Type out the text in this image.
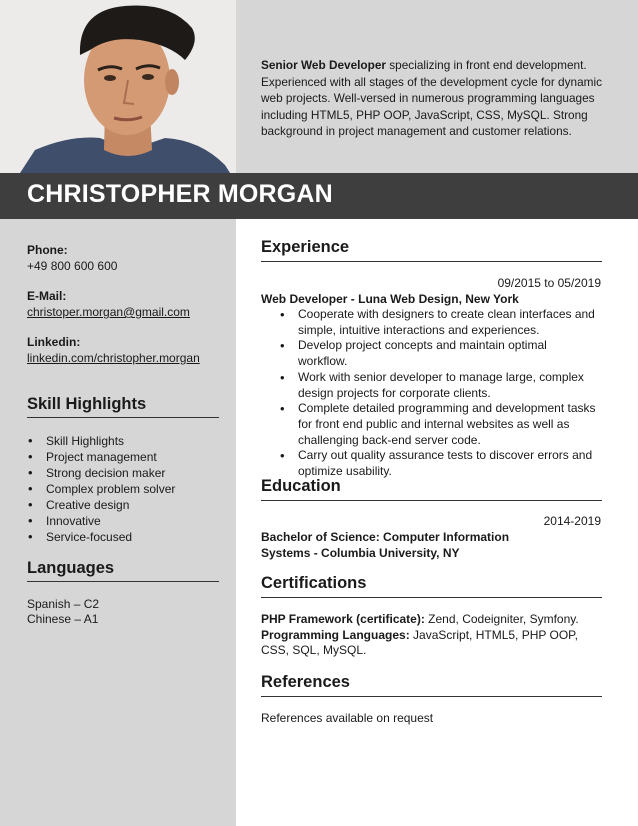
CHRISTOPHER MORGAN
Senior Web Developer specializing in front end development. Experienced with all stages of the development cycle for dynamic web projects. Well-versed in numerous programming languages including HTML5, PHP OOP, JavaScript, CSS, MySQL. Strong background in project management and customer relations.
Phone:
+49 800 600 600
E-Mail:
christoper.morgan@gmail.com
Linkedin:
linkedin.com/christopher.morgan
Skill Highlights
• Skill Highlights
• Project management
• Strong decision maker
• Complex problem solver
• Creative design
• Innovative
• Service-focused
Languages
Spanish – C2
Chinese – A1
Experience
09/2015 to 05/2019
Web Developer - Luna Web Design, New York
• Cooperate with designers to create clean interfaces and simple, intuitive interactions and experiences.
• Develop project concepts and maintain optimal workflow.
• Work with senior developer to manage large, complex design projects for corporate clients.
• Complete detailed programming and development tasks for front end public and internal websites as well as challenging back-end server code.
• Carry out quality assurance tests to discover errors and optimize usability.
Education
2014-2019
Bachelor of Science: Computer Information Systems - Columbia University, NY
Certifications
PHP Framework (certificate): Zend, Codeigniter, Symfony.
Programming Languages: JavaScript, HTML5, PHP OOP, CSS, SQL, MySQL.
References
References available on request
